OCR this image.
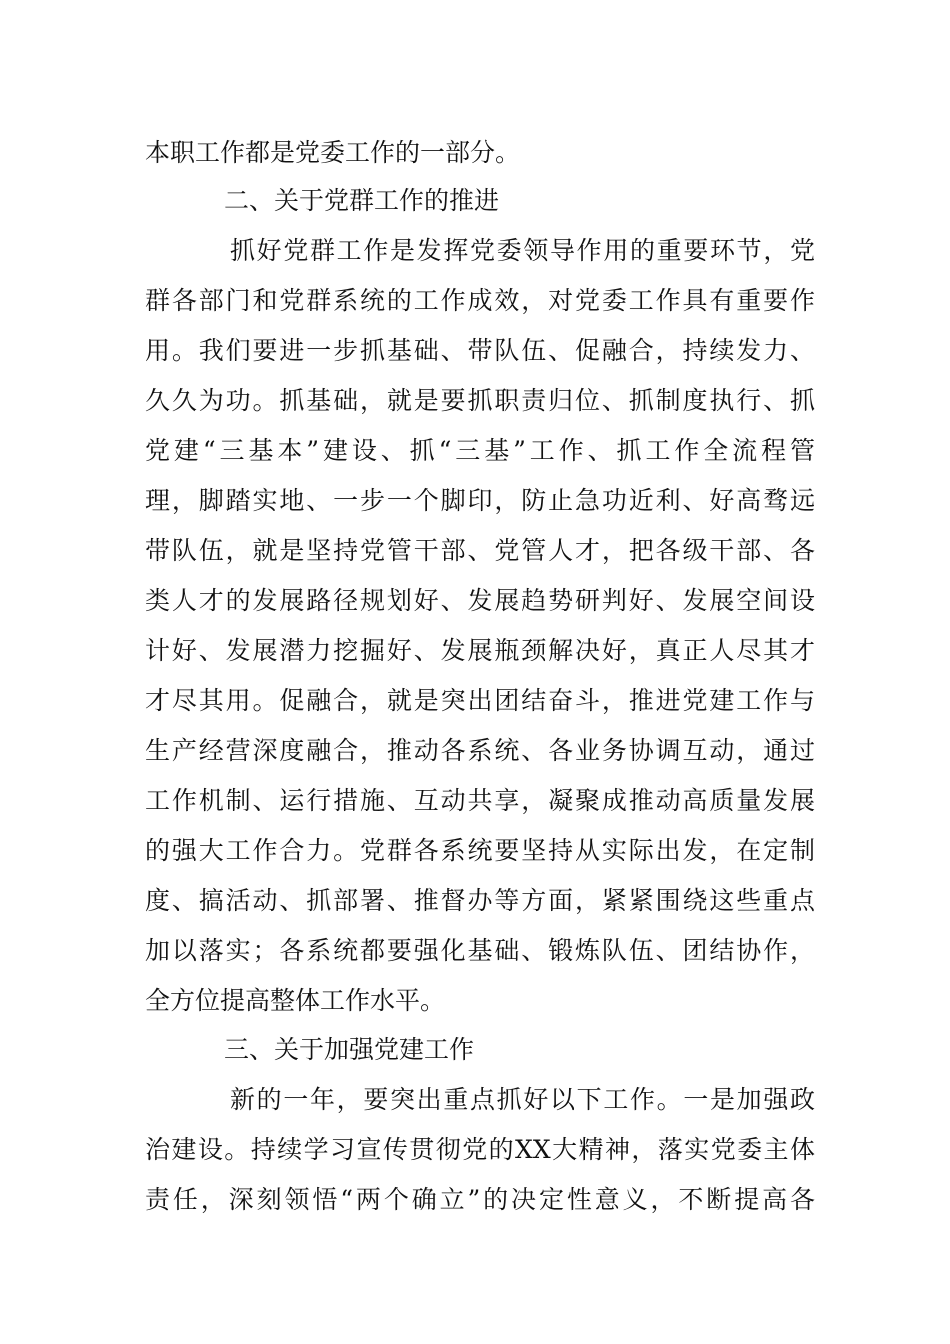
本职工作都是党委工作的一部分。
二、关于党群工作的推进
抓好党群工作是发挥党委领导作用的重要环节，党
群各部门和党群系统的工作成效，对党委工作具有重要作
用。我们要进一步抓基础、带队伍、促融合，持续发力、
久久为功。抓基础，就是要抓职责归位、抓制度执行、抓
党建“三基本”建设、抓“三基”工作、抓工作全流程管
理，脚踏实地、一步一个脚印，防止急功近利、好高骛远
带队伍，就是坚持党管干部、党管人才，把各级干部、各
类人才的发展路径规划好、发展趋势研判好、发展空间设
计好、发展潜力挖掘好、发展瓶颈解决好，真正人尽其才
才尽其用。促融合，就是突出团结奋斗，推进党建工作与
生产经营深度融合，推动各系统、各业务协调互动，通过
工作机制、运行措施、互动共享，凝聚成推动高质量发展
的强大工作合力。党群各系统要坚持从实际出发，在定制
度、搞活动、抓部署、推督办等方面，紧紧围绕这些重点
加以落实；各系统都要强化基础、锻炼队伍、团结协作，
全方位提高整体工作水平。
三、关于加强党建工作
新的一年，要突出重点抓好以下工作。一是加强政
治建设。持续学习宣传贯彻党的XX大精神，落实党委主体
责任，深刻领悟“两个确立”的决定性意义，不断提高各
